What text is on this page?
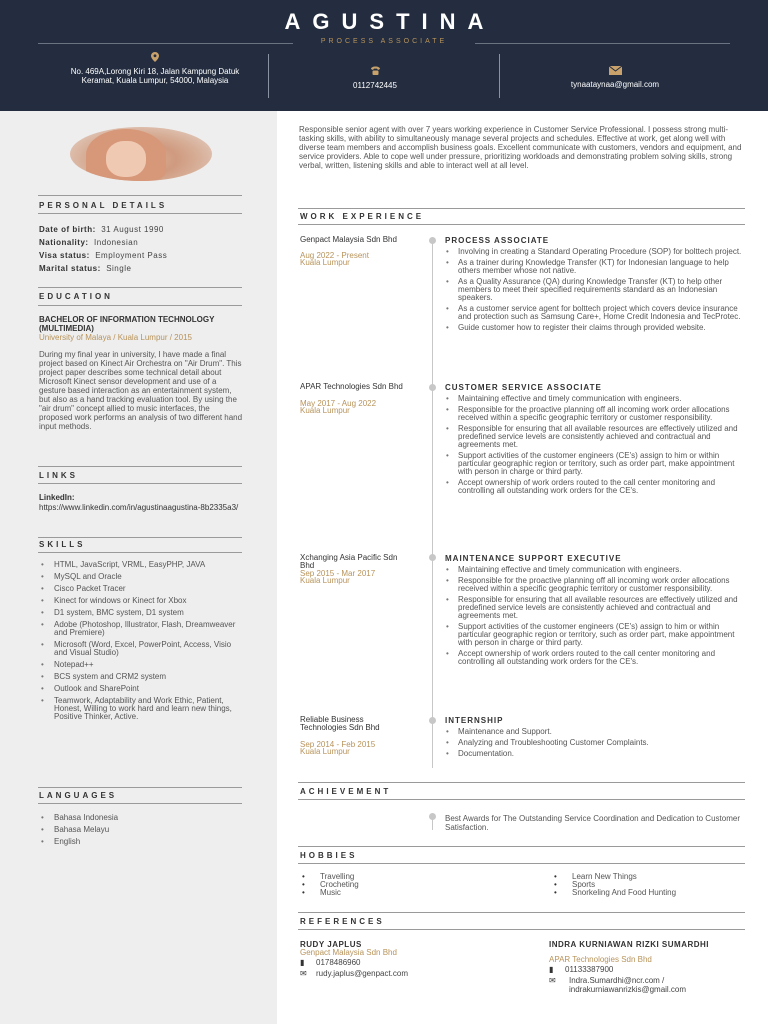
AGUSTINA
PROCESS ASSOCIATE
No. 469A,Lorong Kiri 18, Jalan Kampung Datuk Keramat, Kuala Lumpur, 54000, Malaysia
0112742445	tynaataynaa@gmail.com
PERSONAL DETAILS
Date of birth: 31 August 1990
Nationality: Indonesian
Visa status: Employment Pass
Marital status: Single
EDUCATION
BACHELOR OF INFORMATION TECHNOLOGY (MULTIMEDIA)
University of Malaya / Kuala Lumpur / 2015
During my final year in university, I have made a final project based on Kinect Air Orchestra on "Air Drum". This project paper describes some technical detail about Microsoft Kinect sensor development and use of a gesture based interaction as an entertainment system, but also as a hand tracking evaluation tool. By using the "air drum" concept allied to music interfaces, the proposed work performs an analysis of two different hand input methods.
LINKS
LinkedIn:
https://www.linkedin.com/in/agustinaagustina-8b2335a3/
SKILLS
• HTML, JavaScript, VRML, EasyPHP, JAVA
• MySQL and Oracle
• Cisco Packet Tracer
• Kinect for windows or Kinect for Xbox
• D1 system, BMC system, D1 system
• Adobe (Photoshop, Illustrator, Flash, Dreamweaver and Premiere)
• Microsoft (Word, Excel, PowerPoint, Access, Visio and Visual Studio)
• Notepad++
• BCS system and CRM2 system
• Outlook and SharePoint
• Teamwork, Adaptability and Work Ethic, Patient, Honest, Willing to work hard and learn new things, Positive Thinker, Active.
LANGUAGES
• Bahasa Indonesia
• Bahasa Melayu
• English
Responsible senior agent with over 7 years working experience in Customer Service Professional. I possess strong multi-tasking skills, with ability to simultaneously manage several projects and schedules. Effective at work, get along well with diverse team members and accomplish business goals. Excellent communicate with customers, vendors and equipment, and service providers. Able to cope well under pressure, prioritizing workloads and demonstrating problem solving skills, strong verbal, written, listening skills and able to interact well at all level.
WORK EXPERIENCE
Genpact Malaysia Sdn Bhd
Aug 2022 - Present
Kuala Lumpur
PROCESS ASSOCIATE
• Involving in creating a Standard Operating Procedure (SOP) for bolttech project.
• As a trainer during Knowledge Transfer (KT) for Indonesian language to help others member whose not native.
• As a Quality Assurance (QA) during Knowledge Transfer (KT) to help other members to meet their specified requirements standard as an Indonesian speakers.
• As a customer service agent for bolttech project which covers device insurance and protection such as Samsung Care+, Home Credit Indonesia and TecProtec.
• Guide customer how to register their claims through provided website.
APAR Technologies Sdn Bhd
May 2017 - Aug 2022
Kuala Lumpur
CUSTOMER SERVICE ASSOCIATE
• Maintaining effective and timely communication with engineers.
• Responsible for the proactive planning off all incoming work order allocations received within a specific geographic territory or customer responsibility.
• Responsible for ensuring that all available resources are effectively utilized and predefined service levels are consistently achieved and contractual and agreements met.
• Support activities of the customer engineers (CE's) assign to him or within particular geographic region or territory, such as order part, make appointment with person in charge or third party.
• Accept ownership of work orders routed to the call center monitoring and controlling all outstanding work orders for the CE's.
Xchanging Asia Pacific Sdn Bhd
Sep 2015 - Mar 2017
Kuala Lumpur
MAINTENANCE SUPPORT EXECUTIVE
• Maintaining effective and timely communication with engineers.
• Responsible for the proactive planning off all incoming work order allocations received within a specific geographic territory or customer responsibility.
• Responsible for ensuring that all available resources are effectively utilized and predefined service levels are consistently achieved and contractual and agreements met.
• Support activities of the customer engineers (CE's) assign to him or within particular geographic region or territory, such as order part, make appointment with person in charge or third party.
• Accept ownership of work orders routed to the call center monitoring and controlling all outstanding work orders for the CE's.
Reliable Business Technologies Sdn Bhd
Sep 2014 - Feb 2015
Kuala Lumpur
INTERNSHIP
• Maintenance and Support.
• Analyzing and Troubleshooting Customer Complaints.
• Documentation.
ACHIEVEMENT
Best Awards for The Outstanding Service Coordination and Dedication to Customer Satisfaction.
HOBBIES
• Travelling
• Crocheting
• Music
• Learn New Things
• Sports
• Snorkeling And Food Hunting
REFERENCES
RUDY JAPLUS
Genpact Malaysia Sdn Bhd
▮ 0178486960
✉ rudy.japlus@genpact.com
INDRA KURNIAWAN RIZKI SUMARDHI
APAR Technologies Sdn Bhd
▮ 01133387900
✉	Indra.Sumardhi@ncr.com / indrakurniawanrizkis@gmail.com
